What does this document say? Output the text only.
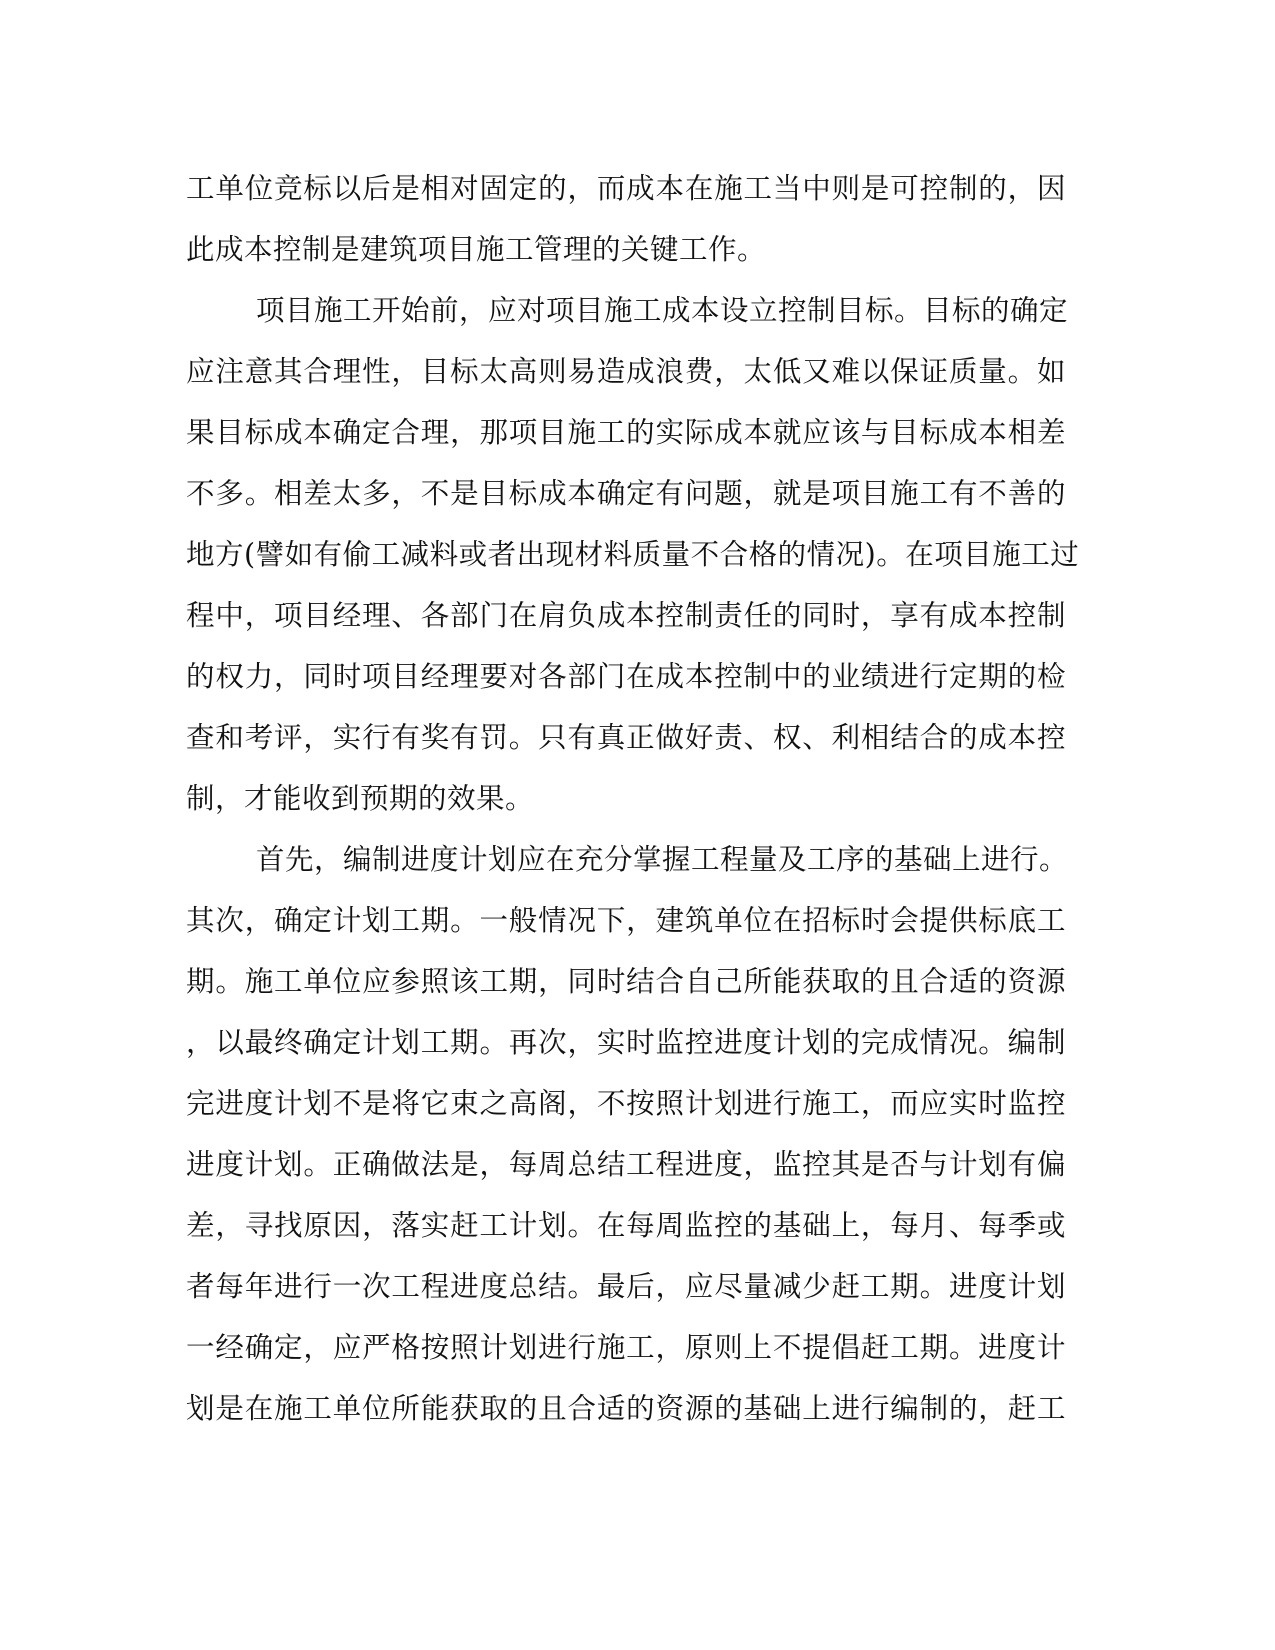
工单位竞标以后是相对固定的，而成本在施工当中则是可控制的，因
此成本控制是建筑项目施工管理的关键工作。
项目施工开始前，应对项目施工成本设立控制目标。目标的确定
应注意其合理性，目标太高则易造成浪费，太低又难以保证质量。如
果目标成本确定合理，那项目施工的实际成本就应该与目标成本相差
不多。相差太多，不是目标成本确定有问题，就是项目施工有不善的
地方(譬如有偷工减料或者出现材料质量不合格的情况)。在项目施工过
程中，项目经理、各部门在肩负成本控制责任的同时，享有成本控制
的权力，同时项目经理要对各部门在成本控制中的业绩进行定期的检
查和考评，实行有奖有罚。只有真正做好责、权、利相结合的成本控
制，才能收到预期的效果。
首先，编制进度计划应在充分掌握工程量及工序的基础上进行。
其次，确定计划工期。一般情况下，建筑单位在招标时会提供标底工
期。施工单位应参照该工期，同时结合自己所能获取的且合适的资源
，以最终确定计划工期。再次，实时监控进度计划的完成情况。编制
完进度计划不是将它束之高阁，不按照计划进行施工，而应实时监控
进度计划。正确做法是，每周总结工程进度，监控其是否与计划有偏
差，寻找原因，落实赶工计划。在每周监控的基础上，每月、每季或
者每年进行一次工程进度总结。最后，应尽量减少赶工期。进度计划
一经确定，应严格按照计划进行施工，原则上不提倡赶工期。进度计
划是在施工单位所能获取的且合适的资源的基础上进行编制的，赶工
